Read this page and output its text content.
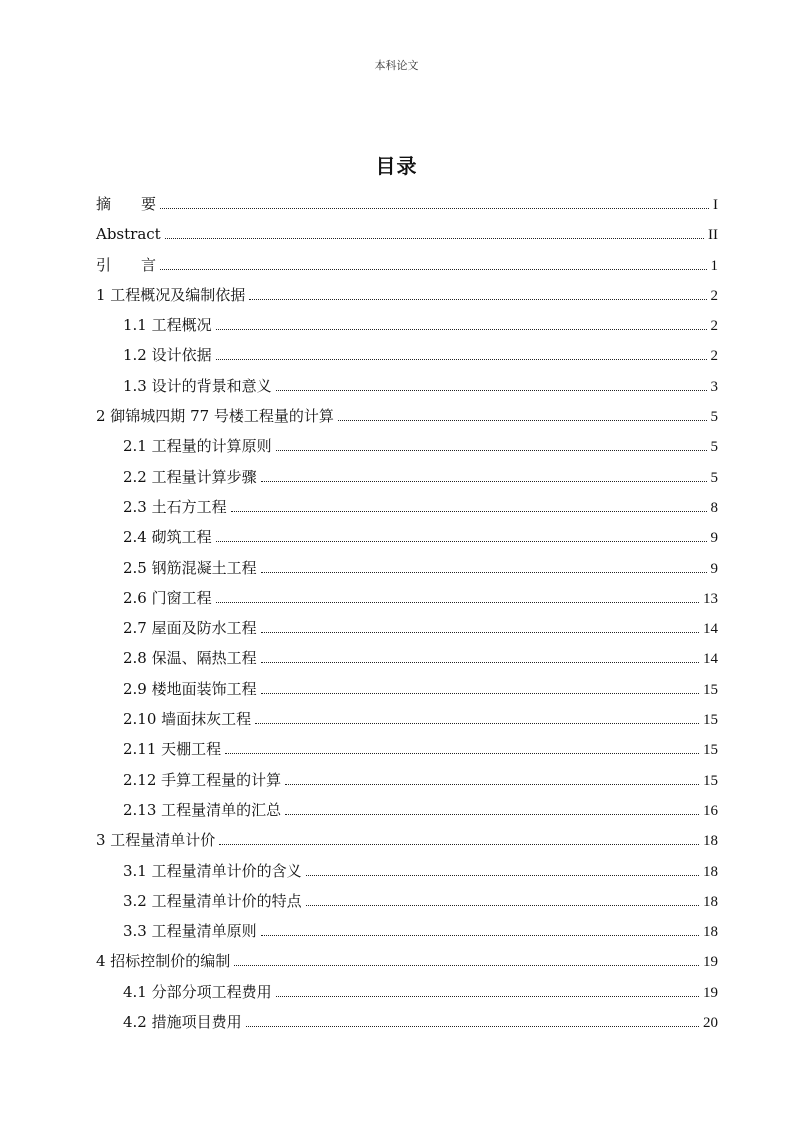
本科论文
目录
摘　　要	I
Abstract	II
引　　言	1
1 工程概况及编制依据	2
1.1 工程概况	2
1.2 设计依据	2
1.3 设计的背景和意义	3
2 御锦城四期 77 号楼工程量的计算	5
2.1 工程量的计算原则	5
2.2 工程量计算步骤	5
2.3 土石方工程	8
2.4 砌筑工程	9
2.5 钢筋混凝土工程	9
2.6 门窗工程	13
2.7 屋面及防水工程	14
2.8 保温、隔热工程	14
2.9 楼地面装饰工程	15
2.10 墙面抹灰工程	15
2.11 天棚工程	15
2.12 手算工程量的计算	15
2.13 工程量清单的汇总	16
3 工程量清单计价	18
3.1 工程量清单计价的含义	18
3.2 工程量清单计价的特点	18
3.3 工程量清单原则	18
4 招标控制价的编制	19
4.1 分部分项工程费用	19
4.2 措施项目费用	20
